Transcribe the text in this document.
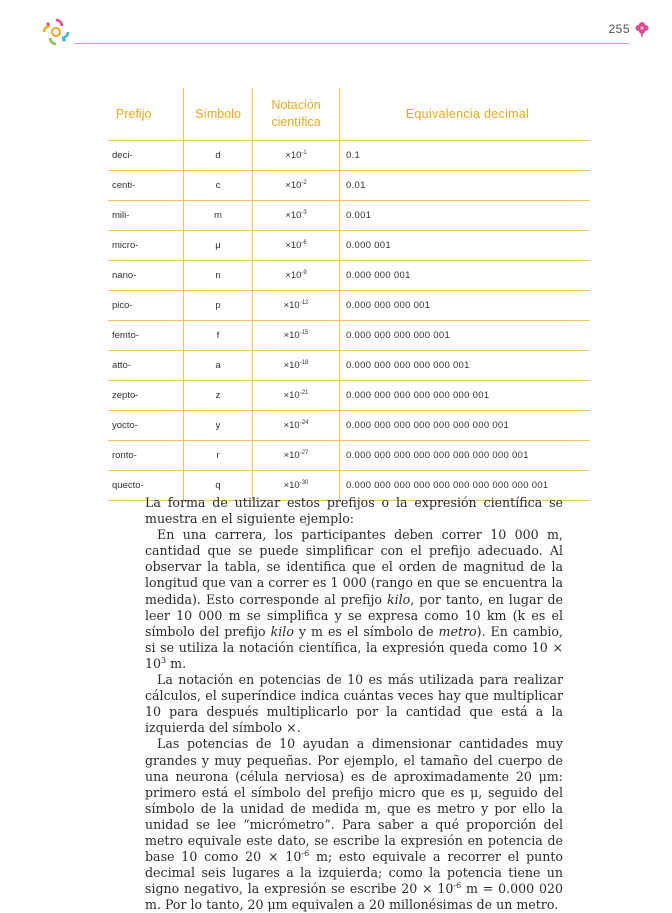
255
Prefijo	Símbolo	Notación científica	Equivalencia decimal
deci-	d	$\times 10^{-1}$	0.1
centi-	c	$\times 10^{-2}$	0.01
mili-	m	$\times 10^{-3}$	0.001
micro-	μ	$\times 10^{-6}$	0.000 001
nano-	n	$\times 10^{-9}$	0.000 000 001
pico-	p	$\times 10^{-12}$	0.000 000 000 001
femto-	f	$\times 10^{-15}$	0.000 000 000 000 001
atto-	a	$\times 10^{-18}$	0.000 000 000 000 000 001
zepto-	z	$\times 10^{-21}$	0.000 000 000 000 000 000 001
yocto-	y	$\times 10^{-24}$	0.000 000 000 000 000 000 000 001
ronto-	r	$\times 10^{-27}$	0.000 000 000 000 000 000 000 000 001
quecto-	q	$\times 10^{-30}$	0.000 000 000 000 000 000 000 000 000 001

La forma de utilizar estos prefijos o la expresión científica se muestra en el siguiente ejemplo:

En una carrera, los participantes deben correr 10 000 m, cantidad que se puede simplificar con el prefijo adecuado. Al observar la tabla, se identifica que el orden de magnitud de la longitud que van a correr es 1 000 (rango en que se encuentra la medida). Esto corresponde al prefijo kilo, por tanto, en lugar de leer 10 000 m se simplifica y se expresa como 10 km (k es el símbolo del prefijo kilo y m es el símbolo de metro). En cambio, si se utiliza la notación científica, la expresión queda como $10 \times 10^3$ m.

La notación en potencias de 10 es más utilizada para realizar cálculos, el superíndice indica cuántas veces hay que multiplicar 10 para después multiplicarlo por la cantidad que está a la izquierda del símbolo ×.

Las potencias de 10 ayudan a dimensionar cantidades muy grandes y muy pequeñas. Por ejemplo, el tamaño del cuerpo de una neurona (célula nerviosa) es de aproximadamente 20 μm: primero está el símbolo del prefijo micro que es μ, seguido del símbolo de la unidad de medida m, que es metro y por ello la unidad se lee “micrómetro”. Para saber a qué proporción del metro equivale este dato, se escribe la expresión en potencia de base 10 como $20 \times 10^{-6}$ m; esto equivale a recorrer el punto decimal seis lugares a la izquierda; como la potencia tiene un signo negativo, la expresión se escribe $20 \times 10^{-6}$ m = 0.000 020 m. Por lo tanto, 20 μm equivalen a 20 millonésimas de un metro.
